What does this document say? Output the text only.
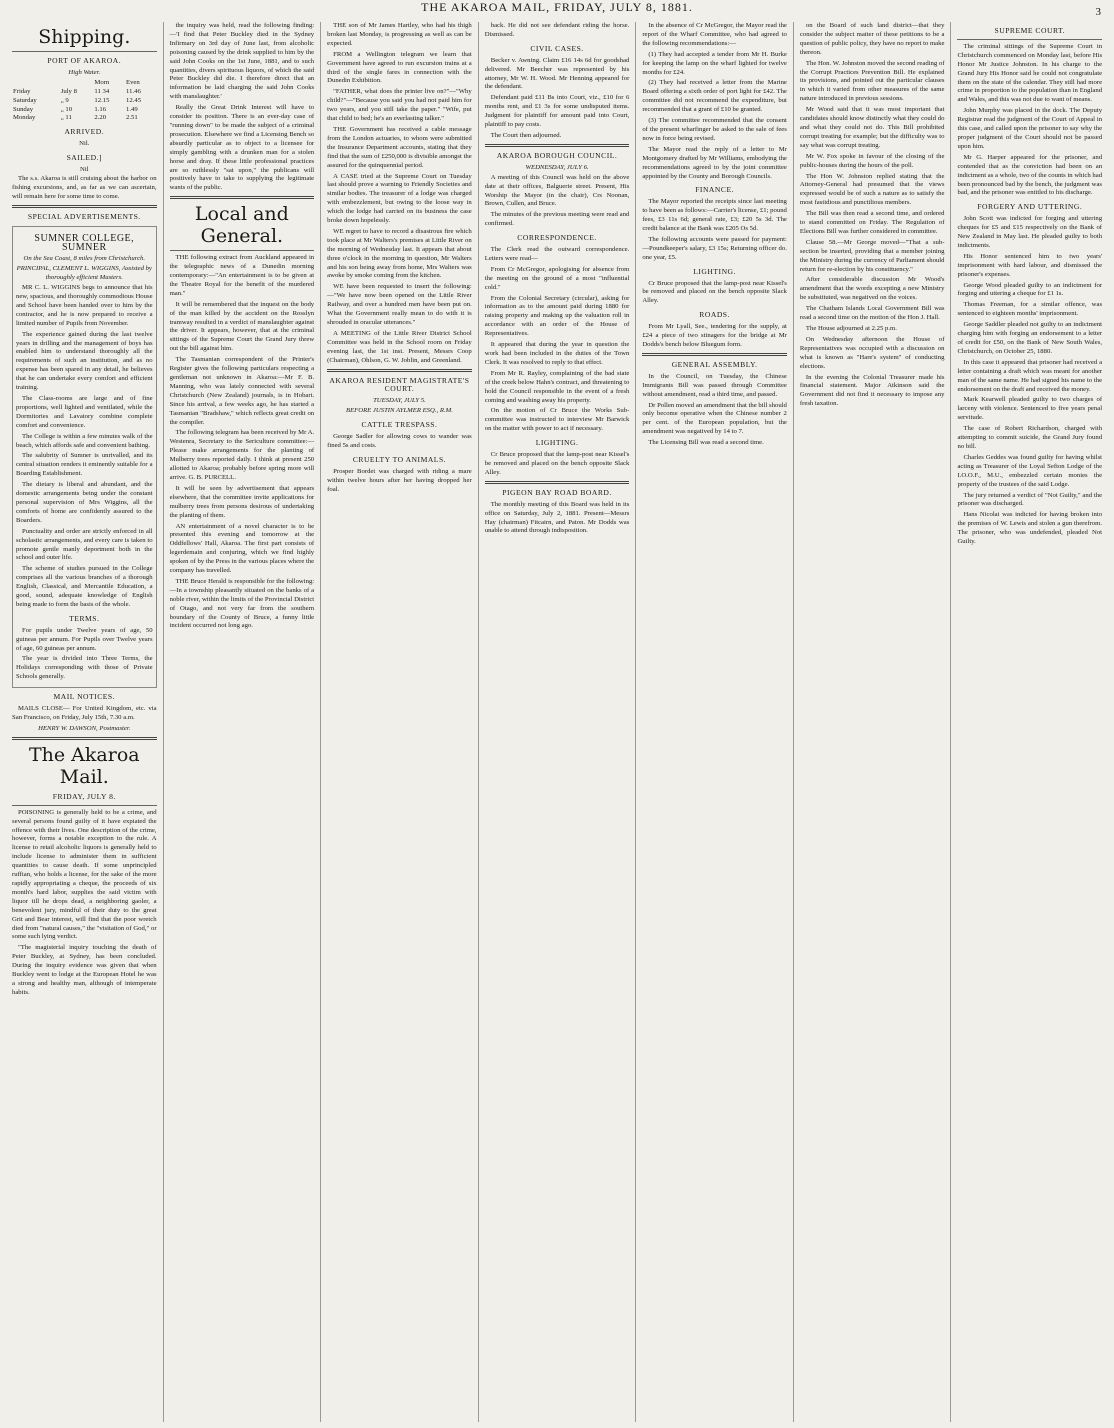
THE AKAROA MAIL, FRIDAY, JULY 8, 1881.	3
Shipping.
PORT OF AKAROA.
High Water.
		Morn	Even
Friday	July 8	11 34	11.46
Saturday	„ 9	12.15	12.45
Sunday	„ 10	1.16	1.49
Monday	„ 11	2.20	2.51
ARRIVED.
Nil.
SAILED.]
Nil

The s.s. Akaroa is still cruising about the harbor on fishing excursions, and, as far as we can ascertain, will remain here for some time to come.

SPECIAL ADVERTISEMENTS.
SUMNER COLLEGE, SUMNER
On the Sea Coast, 8 miles from Christchurch.
PRINCIPAL, CLEMENT L. WIGGINS, Assisted by thoroughly efficient Masters.

MR C. L. WIGGINS begs to announce that his new, spacious, and thoroughly commodious House and School have been handed over to him by the contractor, and he is now prepared to receive a limited number of Pupils from November.

The experience gained during the last twelve years in drilling and the management of boys has enabled him to understand thoroughly all the requirements of such an institution, and as no expense has been spared in any detail, he believes that he can undertake every comfort and efficient training.

The Class-rooms are large and of fine proportions, well lighted and ventilated, while the Dormitories and Lavatory combine complete comfort and convenience.

The College is within a few minutes walk of the beach, which affords safe and convenient bathing.

The salubrity of Sumner is unrivalled, and its central situation renders it eminently suitable for a Boarding Establishment.

The dietary is liberal and abundant, and the domestic arrangements being under the constant personal supervision of Mrs Wiggins, all the comforts of home are confidently assured to the Boarders.

Punctuality and order are strictly enforced in all scholastic arrangements, and every care is taken to promote gentle manly deportment both in the school and outer life.

The scheme of studies pursued in the College comprises all the various branches of a thorough English, Classical, and Mercantile Education, a good, sound, adequate knowledge of English being made to form the basis of the whole.

TERMS.

For pupils under Twelve years of age, 50 guineas per annum. For Pupils over Twelve years of age, 60 guineas per annum.

The year is divided into Three Terms, the Holidays corresponding with those of Private Schools generally.

MAIL NOTICES.

MAILS CLOSE— For United Kingdom, etc. via San Francisco, on Friday, July 15th, 7.30 a.m.

HENRY W. DAWSON, Postmaster.
The Akaroa Mail.
FRIDAY, JULY 8.

POISONING is generally held to be a crime, and several persons found guilty of it have expiated the offence with their lives. One description of the crime, however, forms a notable exception to the rule. A license to retail alcoholic liquors is generally held to include license to administer them in sufficient quantities to cause death. If some unprincipled ruffian, who holds a license, for the sake of the more rapidly appropriating a cheque, the proceeds of six month's hard labor, supplies the said victim with liquor till he drops dead, a neighboring gaoler, a benevolent jury, mindful of their duty to the great Grit and Bear interest, will find that the poor wretch died from "natural causes," the "visitation of God," or some such lying verdict.

"The magisterial inquiry touching the death of Peter Buckley, at Sydney, has been concluded. During the inquiry evidence was given that when Buckley went to lodge at the European Hotel he was a strong and healthy man, although of intemperate habits.

the inquiry was held, read the following finding:—'I find that Peter Buckley died in the Sydney Infirmary on 3rd day of June last, from alcoholic poisoning caused by the drink supplied to him by the said John Cooks on the 1st June, 1881, and to such quantities, divers spirituous liquors, of which the said Peter Buckley did die. I therefore direct that an information be laid charging the said John Cooks with manslaughter.'

Really the Great Drink Interest will have to consider its position. There is an ever-day case of "running down" to be made the subject of a criminal prosecution. Elsewhere we find a Licensing Bench so absurdly particular as to object to a licensee for simply gambling with a drunken man for a stolen horse and dray. If these little professional practices are so ruthlessly "sat upon," the publicans will positively have to take to supplying the legitimate wants of the public.

Local and General.

THE following extract from Auckland appeared in the telegraphic news of a Dunedin morning contemporary:—"An entertainment is to be given at the Theatre Royal for the benefit of the murdered man."

It will be remembered that the inquest on the body of the man killed by the accident on the Rosslyn tramway resulted in a verdict of manslaughter against the driver. It appears, however, that at the criminal sittings of the Supreme Court the Grand Jury threw out the bill against him.

The Tasmanian correspondent of the Printer's Register gives the following particulars respecting a gentleman not unknown in Akaroa:—Mr F. B. Manning, who was lately connected with several Christchurch (New Zealand) journals, is in Hobart. Since his arrival, a few weeks ago, he has started a Tasmanian "Bradshaw," which reflects great credit on the compiler.

The following telegram has been received by Mr A. Westenra, Secretary to the Sericulture committee:—Please make arrangements for the planting of Mulberry trees reported daily. I think at present 250 allotted to Akaroa; probably before spring more will arrive. G. B. PURCELL.

It will be seen by advertisement that appears elsewhere, that the committee invite applications for mulberry trees from persons desirous of undertaking the planting of them.

AN entertainment of a novel character is to be presented this evening and tomorrow at the Oddfellows' Hall, Akaroa. The first part consists of legerdemain and conjuring, which we find highly spoken of by the Press in the various places where the company has travelled.

THE Bruce Herald is responsible for the following:—In a township pleasantly situated on the banks of a noble river, within the limits of the Provincial District of Otago, and not very far from the southern boundary of the County of Bruce, a funny little incident occurred not long ago.

THE son of Mr James Hartley, who had his thigh broken last Monday, is progressing as well as can be expected.

FROM a Wellington telegram we learn that Government have agreed to run excursion trains at a third of the single fares in connection with the Dunedin Exhibition.

"FATHER, what does the printer live on?"—"Why child?"—"Because you said you had not paid him for two years, and you still take the paper." "Wife, put that child to bed; he's an everlasting talker."

THE Government has received a cable message from the London actuaries, to whom were submitted the Insurance Department accounts, stating that they find that the sum of £250,000 is divisible amongst the assured for the quinquennial period.

A CASE tried at the Supreme Court on Tuesday last should prove a warning to Friendly Societies and similar bodies. The treasurer of a lodge was charged with embezzlement, but owing to the loose way in which the lodge had carried on its business the case broke down hopelessly.

WE regret to have to record a disastrous fire which took place at Mr Walters's premises at Little River on the morning of Wednesday last. It appears that about three o'clock in the morning in question, Mr Walters and his son being away from home, Mrs Walters was awoke by smoke coming from the kitchen.

WE have been requested to insert the following:—"We have now been opened on the Little River Railway, and over a hundred men have been put on. What the Government really mean to do with it is shrouded in oracular utterances."

A MEETING of the Little River District School Committee was held in the School room on Friday evening last, the 1st inst. Present, Messrs Coop (Chairman), Ohlson, G. W. Joblin, and Greenland.

AKAROA RESIDENT MAGISTRATE'S COURT.
TUESDAY, JULY 5.
BEFORE JUSTIN AYLMER ESQ., R.M.
CATTLE TRESPASS.

George Sadler for allowing cows to wander was fined 5s and costs.

CRUELTY TO ANIMALS.

Prosper Bordet was charged with riding a mare within twelve hours after her having dropped her foal.

back. He did not see defendant riding the horse. Dismissed.

CIVIL CASES.

Becker v. Awning. Claim £16 14s 6d for goodshad delivered. Mr Beecher was represented by his attorney, Mr W. H. Wood. Mr Henning appeared for the defendant.

Defendant paid £11 Bs into Court, viz., £10 for 6 months rent, and £1 3s for some undisputed items. Judgment for plaintiff for amount paid into Court, plaintiff to pay costs.

The Court then adjourned.

AKAROA BOROUGH COUNCIL.
WEDNESDAY, JULY 6.

A meeting of this Council was held on the above date at their offices, Balguerie street. Present, His Worship the Mayor (in the chair), Crs Noonan, Brown, Cullen, and Bruce.

The minutes of the previous meeting were read and confirmed.

CORRESPONDENCE.

The Clerk read the outward correspondence. Letters were read—

From Cr McGregor, apologising for absence from the meeting on the ground of a most "influential cold."

From the Colonial Secretary (circular), asking for information as to the amount paid during 1880 for raising property and making up the valuation roll in accordance with an order of the House of Representatives.

It appeared that during the year in question the work had been included in the duties of the Town Clerk. It was resolved to reply to that effect.

From Mr R. Rayley, complaining of the bad state of the creek below Hahn's contract, and threatening to hold the Council responsible in the event of a fresh coming and washing away his property.

On the motion of Cr Bruce the Works Sub-committee was instructed to interview Mr Barwick on the matter with power to act if necessary.

LIGHTING.

Cr Bruce proposed that the lamp-post near Kissel's be removed and placed on the bench opposite Slack Alley.

PIGEON BAY ROAD BOARD.

The monthly meeting of this Board was held in its office on Saturday, July 2, 1881. Present—Messrs Hay (chairman) Fitcairn, and Paton. Mr Dodds was unable to attend through indisposition.

In the absence of Cr McGregor, the Mayor read the report of the Wharf Committee, who had agreed to the following recommendations:—

(1) They had accepted a tender from Mr H. Burke for keeping the lamp on the wharf lighted for twelve months for £24.

(2) They had received a letter from the Marine Board offering a sixth order of port light for £42. The committee did not recommend the expenditure, but recommended that a grant of £10 be granted.

(3) The committee recommended that the consent of the present wharfinger be asked to the sale of fees now in force being revised.

The Mayor read the reply of a letter to Mr Montgomery drafted by Mr Williams, embodying the recommendations agreed to by the joint committee appointed by the County and Borough Councils.

FINANCE.

The Mayor reported the receipts since last meeting to have been as follows:—Carrier's license, £1; pound fees, £3 11s 6d; general rate, £3; £20 5s 3d. The credit balance at the Bank was £205 Os 5d.

The following accounts were passed for payment:—Poundkeeper's salary, £3 15s; Returning officer do. one year, £5.

LIGHTING.

Cr Bruce proposed that the lamp-post near Kissel's be removed and placed on the bench opposite Slack Alley.

ROADS.

From Mr Lyall, See., tendering for the supply, at £24 a piece of two stinagers for the bridge at Mr Dodds's bench below Bluegum form.

GENERAL ASSEMBLY.

In the Council, on Tuesday, the Chinese Immigrants Bill was passed through Committee without amendment, read a third time, and passed.

Dr Pollen moved an amendment that the bill should only become operative when the Chinese number 2 per cent. of the European population, but the amendment was negatived by 14 to 7.

The Licensing Bill was read a second time.

on the Board of such land district—that they consider the subject matter of these petitions to be a question of public policy, they have no report to make thereon.

The Hon. W. Johnston moved the second reading of the Corrupt Practices Prevention Bill. He explained its provisions, and pointed out the particular clauses in which it varied from other measures of the same nature introduced in previous sessions.

Mr Wood said that it was most important that candidates should know distinctly what they could do and what they could not do. This Bill prohibited corrupt treating for example; but the difficulty was to say what was corrupt treating.

Mr W. Fox spoke in favour of the closing of the public-houses during the hours of the poll.

The Hon W. Johnston replied stating that the Attorney-General had presumed that the views expressed would be of such a nature as to satisfy the most fastidious and punctilious members.

The Bill was then read a second time, and ordered to stand committed on Friday. The Regulation of Elections Bill was further considered in committee.

Clause 58.—Mr George moved—"That a sub-section be inserted, providing that a member joining the Ministry during the currency of Parliament should return for re-election by his constituency."

After considerable discussion Mr Wood's amendment that the words excepting a new Ministry be substituted, was negatived on the voices.

The Chatham Islands Local Government Bill was read a second time on the motion of the Hon J. Hall.

The House adjourned at 2.25 p.m.

On Wednesday afternoon the House of Representatives was occupied with a discussion on what is known as "Hare's system" of conducting elections.

In the evening the Colonial Treasurer made his financial statement. Major Atkinson said the Government did not find it necessary to impose any fresh taxation.

SUPREME COURT.

The criminal sittings of the Supreme Court in Christchurch commenced on Monday last, before His Honor Mr Justice Johnston. In his charge to the Grand Jury His Honor said he could not congratulate them on the state of the calendar. They still had more crime in proportion to the population than in England and Wales, and this was not due to want of means.

John Murphy was placed in the dock. The Deputy Registrar read the judgment of the Court of Appeal in this case, and called upon the prisoner to say why the proper judgment of the Court should not be passed upon him.

Mr G. Harper appeared for the prisoner, and contended that as the conviction had been on an indictment as a whole, two of the counts in which had been pronounced bad by the bench, the judgment was bad, and the prisoner was entitled to his discharge.

FORGERY AND UTTERING.

John Scott was indicted for forging and uttering cheques for £5 and £15 respectively on the Bank of New Zealand in May last. He pleaded guilty to both indictments.

His Honor sentenced him to two years' imprisonment with hard labour, and dismissed the prisoner's expenses.

George Wood pleaded guilty to an indictment for forging and uttering a cheque for £1 1s.

Thomas Freeman, for a similar offence, was sentenced to eighteen months' imprisonment.

George Saddler pleaded not guilty to an indictment charging him with forging an endorsement to a letter of credit for £50, on the Bank of New South Wales, Christchurch, on October 25, 1880.

In this case it appeared that prisoner had received a letter containing a draft which was meant for another man of the same name. He had signed his name to the endorsement on the draft and received the money.

Mark Kearwell pleaded guilty to two charges of larceny with violence. Sentenced to five years penal servitude.

The case of Robert Richardson, charged with attempting to commit suicide, the Grand Jury found no bill.

Charles Geddes was found guilty for having whilst acting as Treasurer of the Loyal Sefton Lodge of the I.O.O.F., M.U., embezzled certain monies the property of the trustees of the said Lodge.

The jury returned a verdict of "Not Guilty," and the prisoner was discharged.

Hans Nicolai was indicted for having broken into the premises of W. Lewis and stolen a gun therefrom. The prisoner, who was undefended, pleaded Not Guilty.
